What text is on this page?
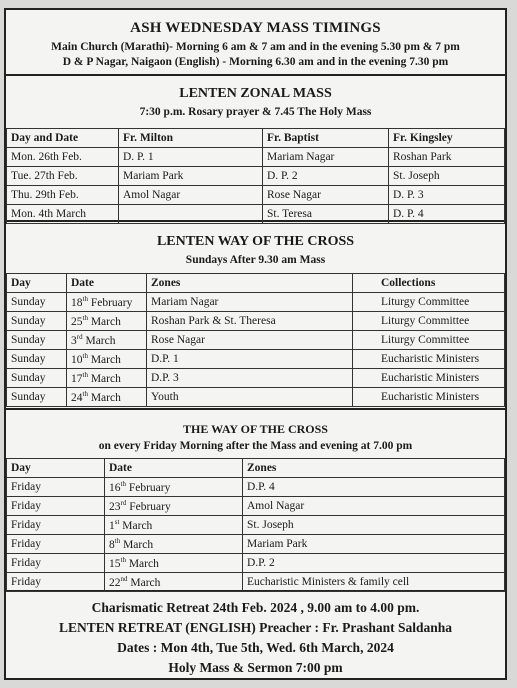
ASH WEDNESDAY MASS TIMINGS
Main Church (Marathi)- Morning 6 am & 7 am and in the evening 5.30 pm & 7 pm
D & P Nagar, Naigaon (English) - Morning 6.30 am and in the evening 7.30 pm
LENTEN ZONAL MASS
7:30 p.m. Rosary prayer & 7.45 The Holy Mass
Day and Date	Fr. Milton	Fr. Baptist	Fr. Kingsley
Mon. 26th Feb.	D. P. 1	Mariam Nagar	Roshan Park
Tue. 27th Feb.	Mariam Park	D. P. 2	St. Joseph
Thu. 29th Feb.	Amol Nagar	Rose Nagar	D. P. 3
Mon. 4th March		St. Teresa	D. P. 4
LENTEN WAY OF THE CROSS
Sundays After 9.30 am Mass
Day	Date	Zones	Collections
Sunday	18th February	Mariam Nagar	Liturgy Committee
Sunday	25th March	Roshan Park & St. Theresa	Liturgy Committee
Sunday	3rd March	Rose Nagar	Liturgy Committee
Sunday	10th March	D.P. 1	Eucharistic Ministers
Sunday	17th March	D.P. 3	Eucharistic Ministers
Sunday	24th March	Youth	Eucharistic Ministers
THE WAY OF THE CROSS
on every Friday Morning after the Mass and evening at 7.00 pm
Day	Date	Zones
Friday	16th February	D.P. 4
Friday	23rd February	Amol Nagar
Friday	1st March	St. Joseph
Friday	8th March	Mariam Park
Friday	15th March	D.P. 2
Friday	22nd March	Eucharistic Ministers & family cell
Charismatic Retreat 24th Feb. 2024 , 9.00 am to 4.00 pm.
LENTEN RETREAT (ENGLISH) Preacher : Fr. Prashant Saldanha
Dates : Mon 4th, Tue 5th, Wed. 6th March, 2024
Holy Mass & Sermon 7:00 pm
